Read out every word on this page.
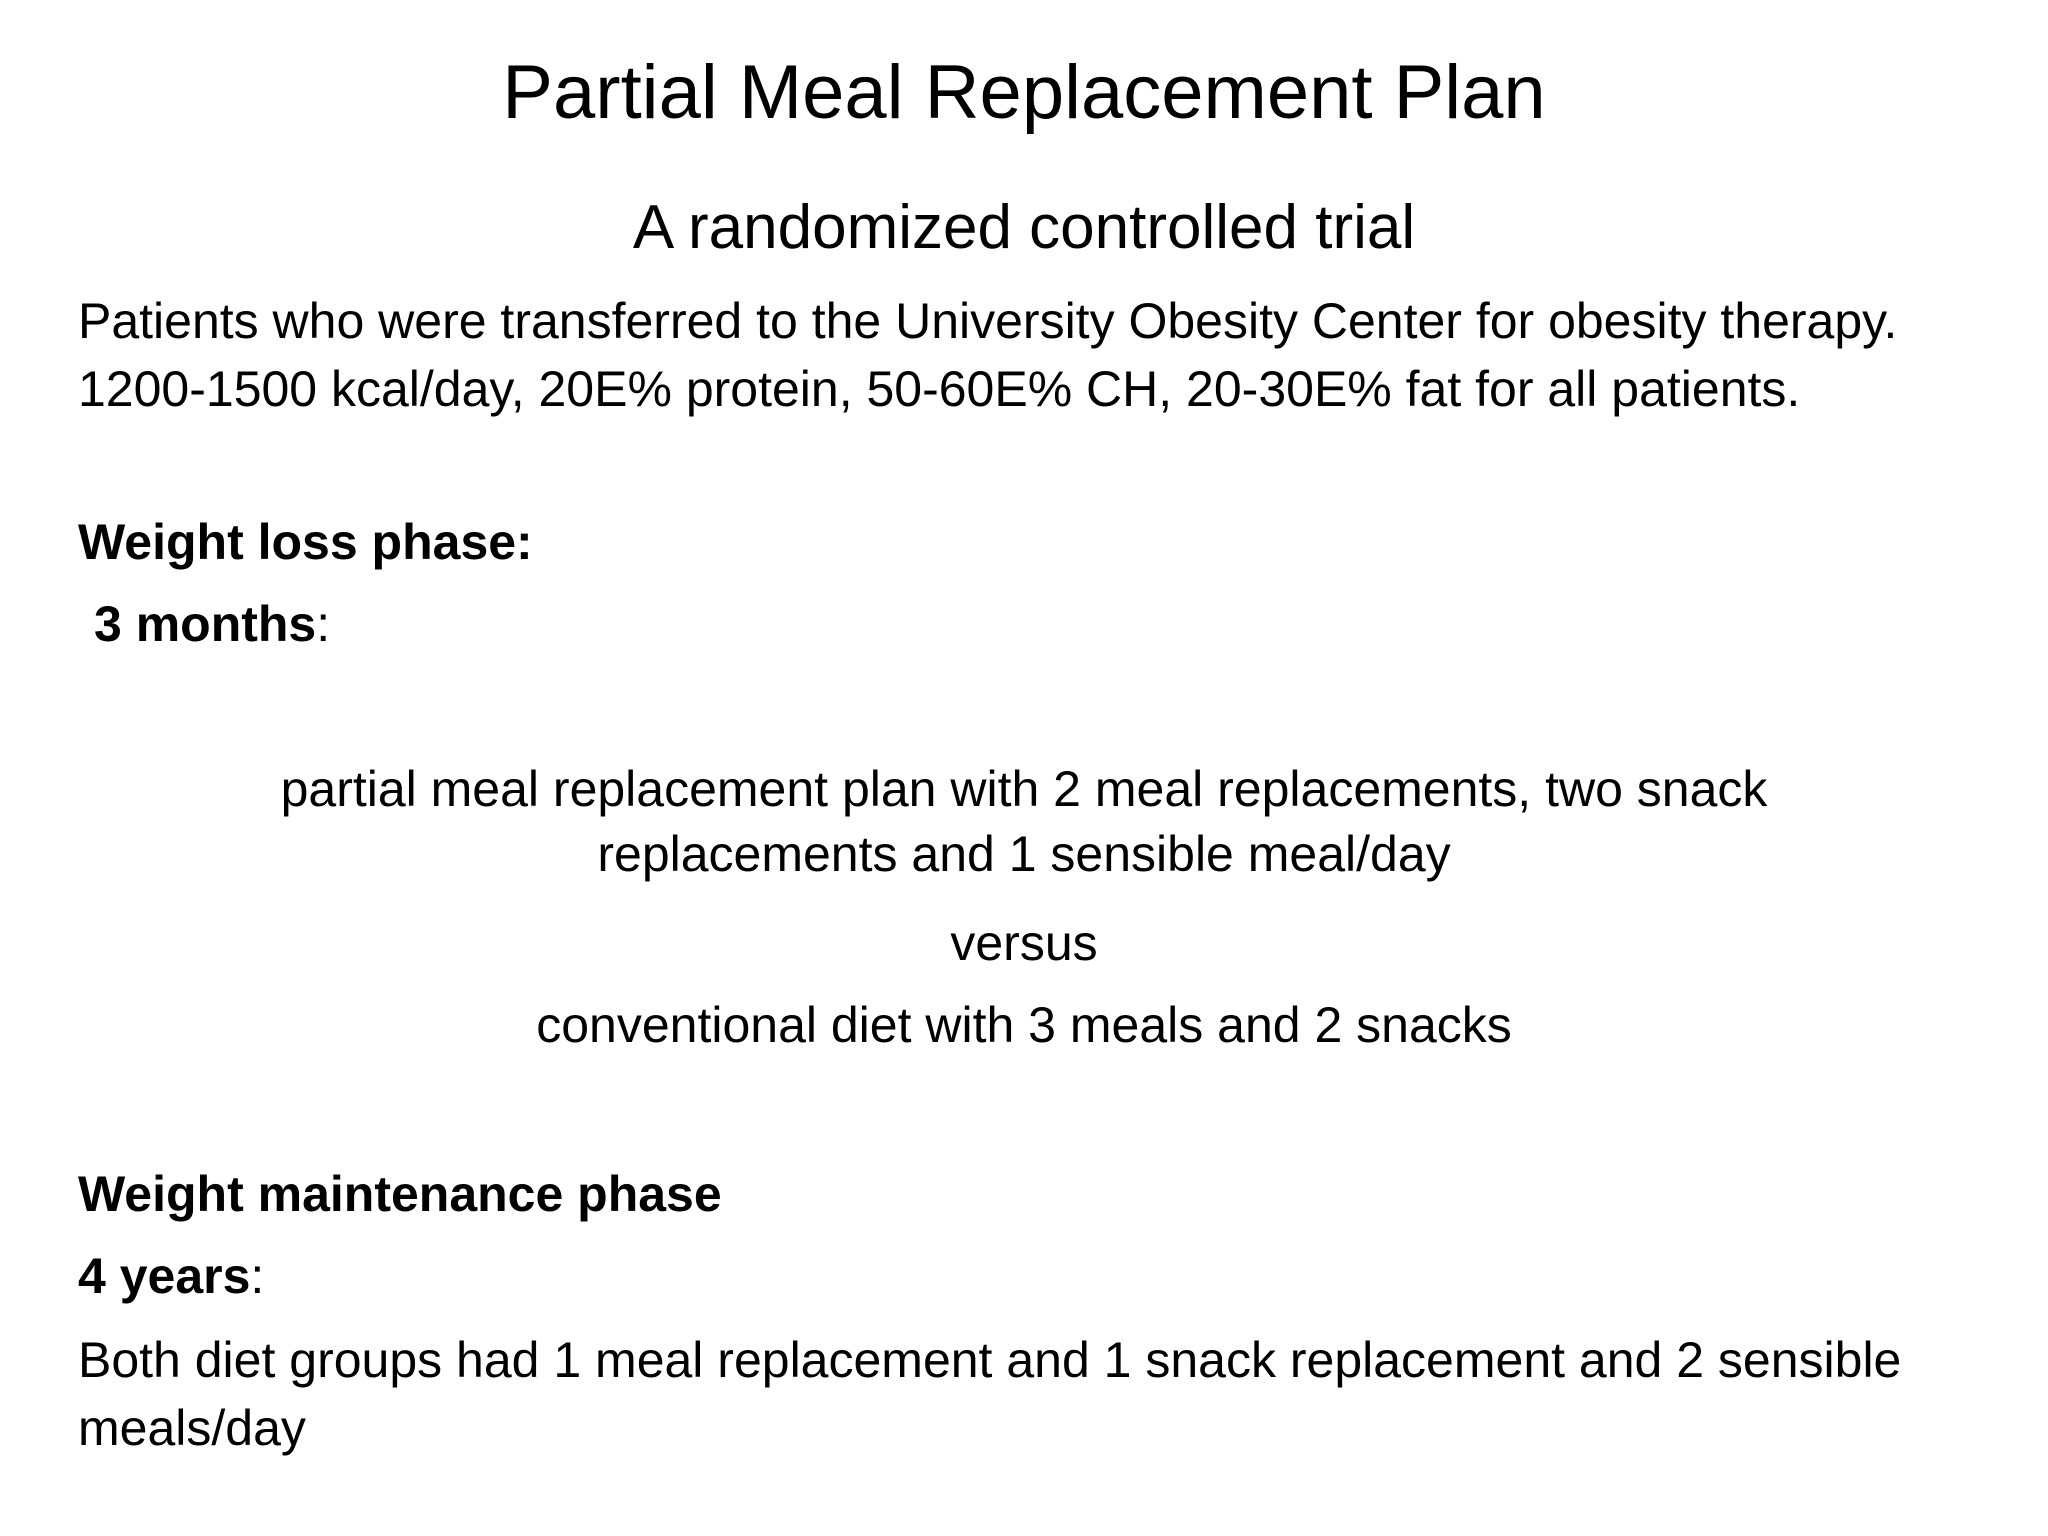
Partial Meal Replacement Plan
A randomized controlled trial

Patients who were transferred to the University Obesity Center for obesity therapy. 1200-1500 kcal/day, 20E% protein, 50-60E% CH, 20-30E% fat for all patients.

Weight loss phase:

3 months:

partial meal replacement plan with 2 meal replacements, two snack replacements and 1 sensible meal/day

versus

conventional diet with 3 meals and 2 snacks

Weight maintenance phase

4 years:

Both diet groups had 1 meal replacement and 1 snack replacement and 2 sensible meals/day
